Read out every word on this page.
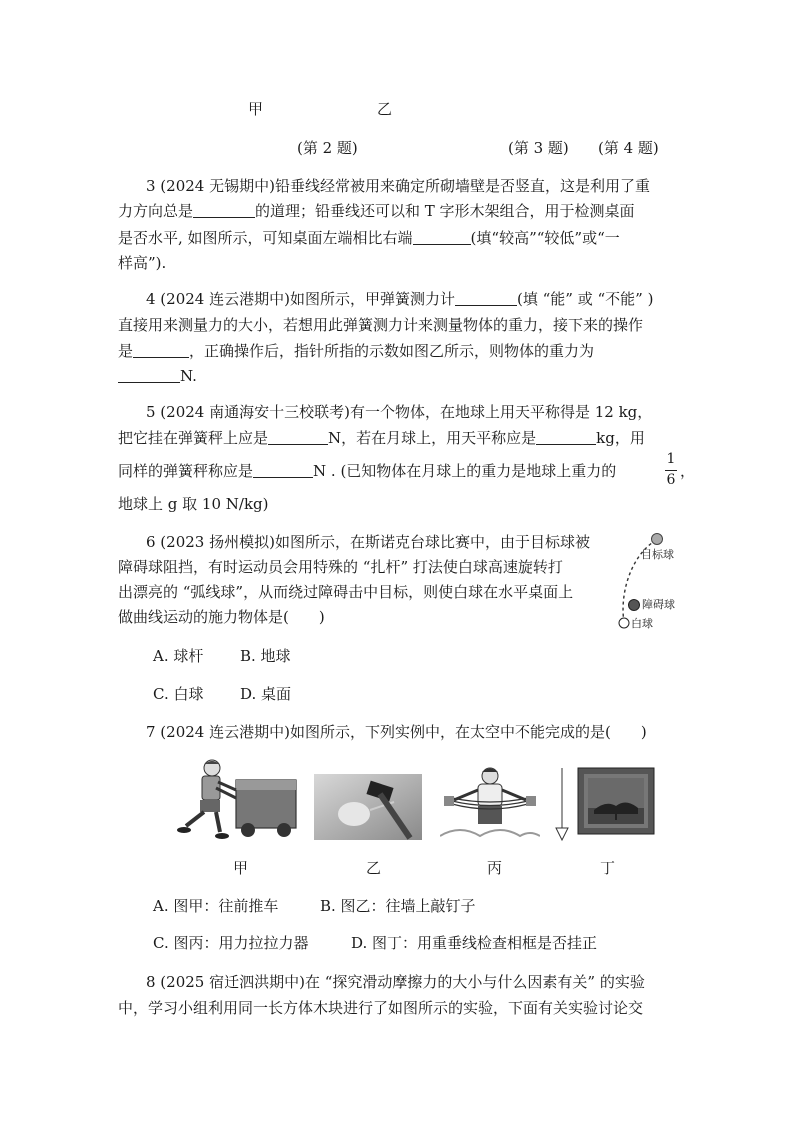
甲	乙
(第 2 题)	(第 3 题) (第 4 题)
3 (2024 无锡期中)铅垂线经常被用来确定所砌墙壁是否竖直，这是利用了重
力方向总是	的道理；铅垂线还可以和 T 字形木架组合，用于检测桌面
是否水平, 如图所示，可知桌面左端相比右端	(填“较高”“较低”或“一
样高”).
4 (2024 连云港期中)如图所示，甲弹簧测力计	(填 “能” 或 “不能” )
直接用来测量力的大小，若想用此弹簧测力计来测量物体的重力，接下来的操作
是	，正确操作后，指针所指的示数如图乙所示，则物体的重力为
N.
5 (2024 南通海安十三校联考)有一个物体，在地球上用天平称得是 12 kg，
把它挂在弹簧秤上应是	N，若在月球上，用天平称应是	kg，用
同样的弹簧秤称应是	N . (已知物体在月球上的重力是地球上重力的
1
6 ，
地球上 g 取 10 N/kg)
6 (2023 扬州模拟)如图所示，在斯诺克台球比赛中，由于目标球被
障碍球阻挡，有时运动员会用特殊的 “扎杆” 打法使白球高速旋转打
出漂亮的 “弧线球”，从而绕过障碍击中目标，则使白球在水平桌面上
做曲线运动的施力物体是(　　)
A. 球杆 B. 地球
C. 白球 D. 桌面
目标球
障碍球
白球
7 (2024 连云港期中)如图所示，下列实例中，在太空中不能完成的是(　　)
甲	乙	丙	丁
A. 图甲：往前推车	B. 图乙：往墙上敲钉子
C. 图丙：用力拉拉力器	D. 图丁：用重垂线检查相框是否挂正
8 (2025 宿迁泗洪期中)在 “探究滑动摩擦力的大小与什么因素有关” 的实验
中，学习小组利用同一长方体木块进行了如图所示的实验，下面有关实验讨论交
